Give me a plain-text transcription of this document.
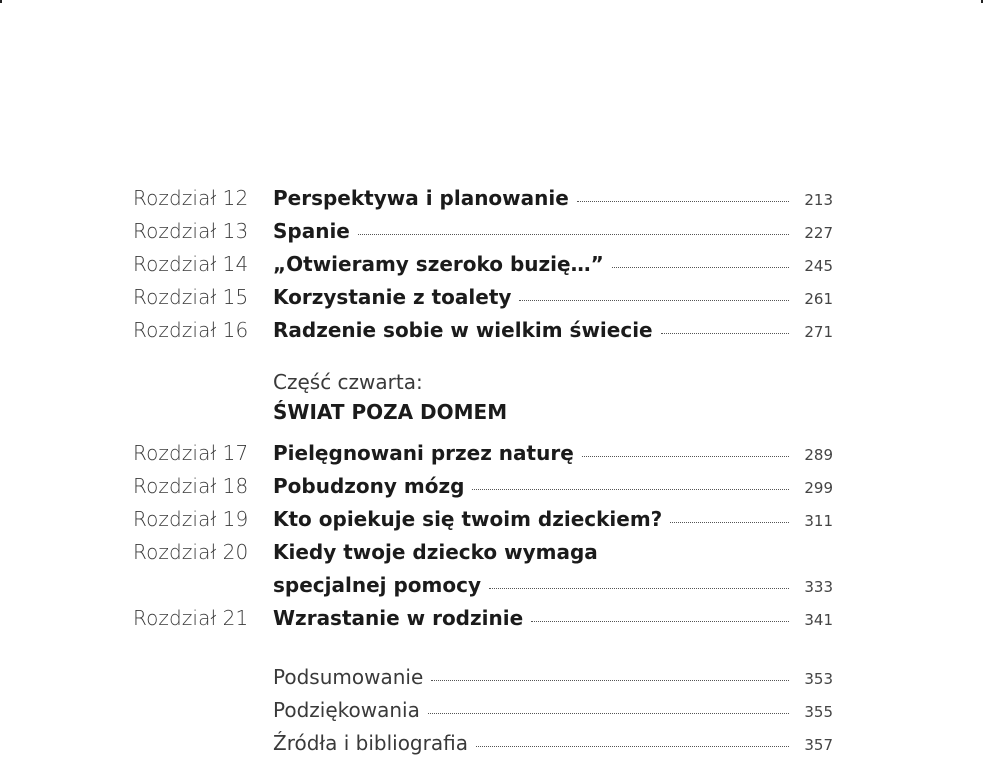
Rozdział 12 Perspektywa i planowanie	213
Rozdział 13 Spanie	227
Rozdział 14 „Otwieramy szeroko buzię…”	245
Rozdział 15 Korzystanie z toalety	261
Rozdział 16 Radzenie sobie w wielkim świecie	271
Część czwarta:
ŚWIAT POZA DOMEM
Rozdział 17 Pielęgnowani przez naturę	289
Rozdział 18 Pobudzony mózg	299
Rozdział 19 Kto opiekuje się twoim dzieckiem?	311
Rozdział 20 Kiedy twoje dziecko wymaga
specjalnej pomocy	333
Rozdział 21 Wzrastanie w rodzinie	341
Podsumowanie	353
Podziękowania	355
Źródła i bibliografia	357
